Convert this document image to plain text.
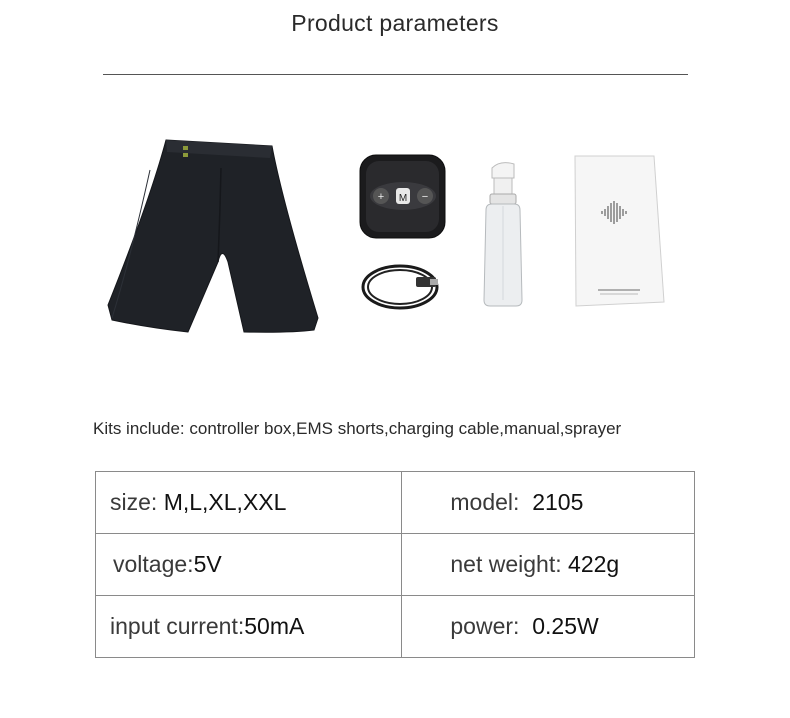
Product parameters
M
+	−
Kits include: controller box,EMS shorts,charging cable,manual,sprayer
size: M,L,XL,XXL	model: 2105

voltage: 5V	net weight: 422g

input current: 50mA	power: 0.25W
